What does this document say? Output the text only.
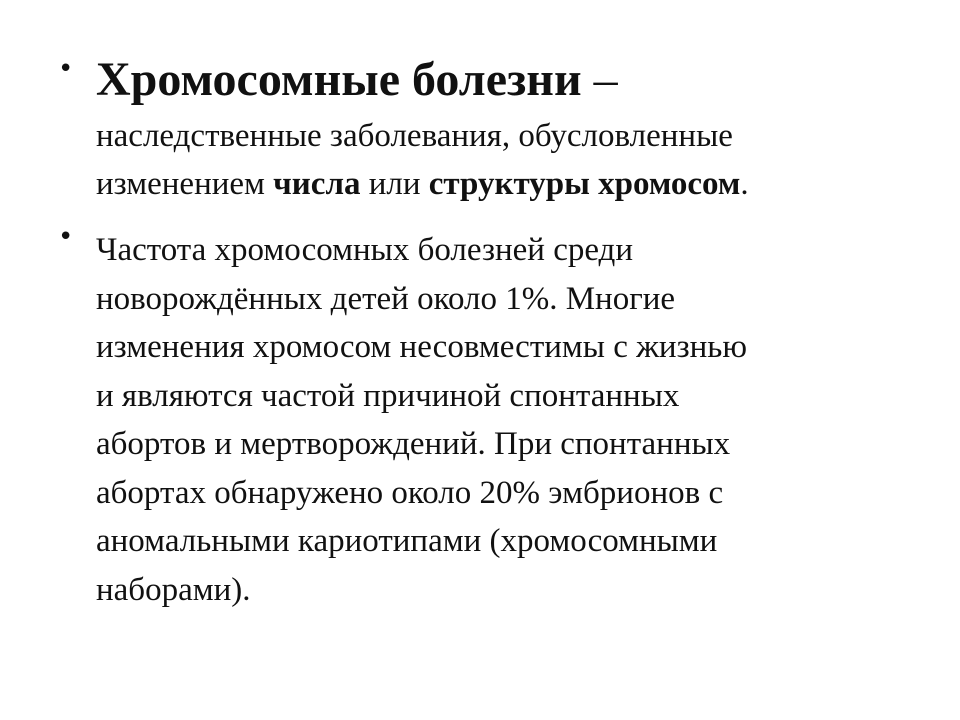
• Хромосомные болезни –
наследственные заболевания, обусловленные
изменением числа или структуры хромосом.
• Частота хромосомных болезней среди
новорождённых детей около 1%. Многие
изменения хромосом несовместимы с жизнью
и являются частой причиной спонтанных
абортов и мертворождений. При спонтанных
абортах обнаружено около 20% эмбрионов с
аномальными кариотипами (хромосомными
наборами).
